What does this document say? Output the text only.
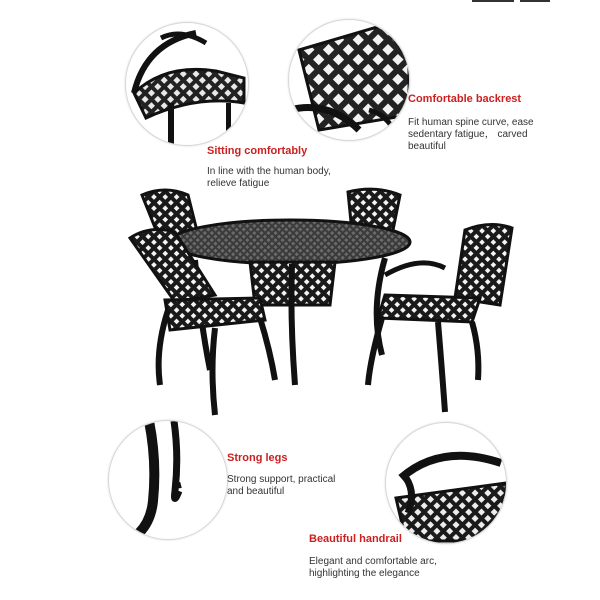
Sitting comfortably
In line with the human body, relieve fatigue
Comfortable backrest
Fit human spine curve, ease sedentary fatigue， carved beautiful
Strong legs
Strong support, practical and beautiful
Beautiful handrail
Elegant and comfortable arc, highlighting the elegance
